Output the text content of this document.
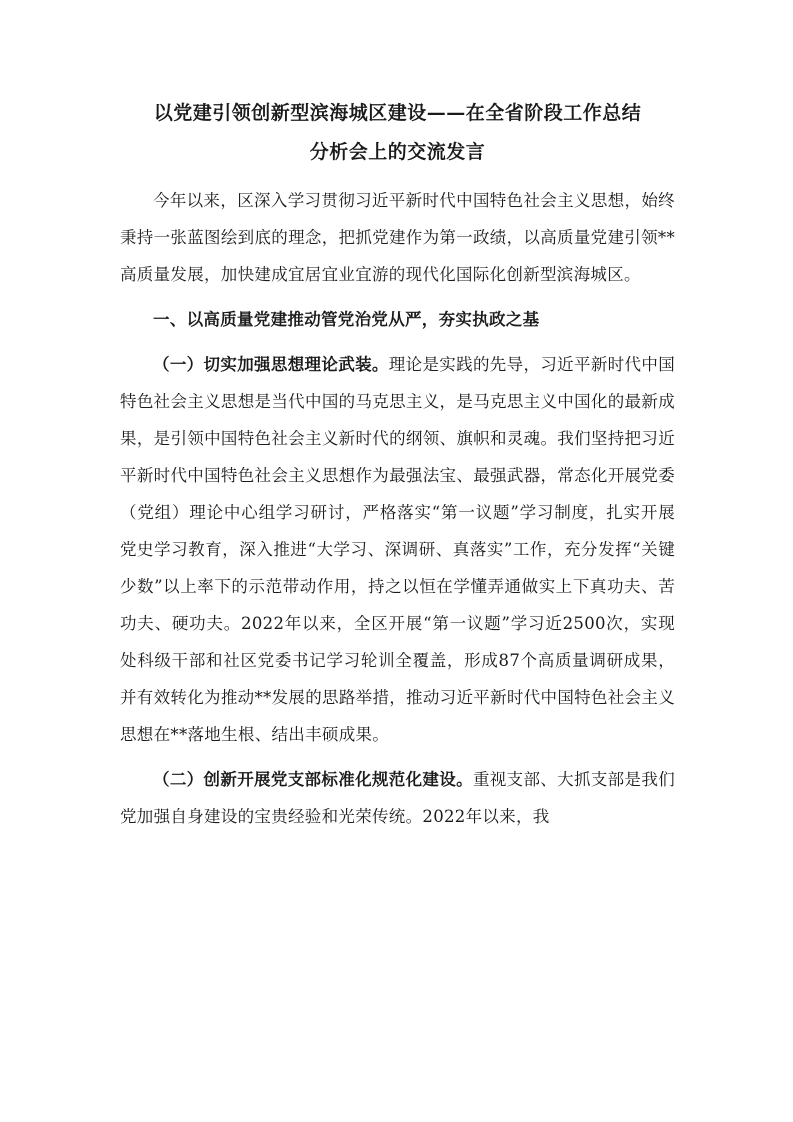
以党建引领创新型滨海城区建设——在全省阶段工作总结
分析会上的交流发言

今年以来，区深入学习贯彻习近平新时代中国特色社会主义思想，始终秉持一张蓝图绘到底的理念，把抓党建作为第一政绩，以高质量党建引领**高质量发展，加快建成宜居宜业宜游的现代化国际化创新型滨海城区。

一、以高质量党建推动管党治党从严，夯实执政之基

（一）切实加强思想理论武装。理论是实践的先导，习近平新时代中国特色社会主义思想是当代中国的马克思主义，是马克思主义中国化的最新成果，是引领中国特色社会主义新时代的纲领、旗帜和灵魂。我们坚持把习近平新时代中国特色社会主义思想作为最强法宝、最强武器，常态化开展党委（党组）理论中心组学习研讨，严格落实“第一议题”学习制度，扎实开展党史学习教育，深入推进“大学习、深调研、真落实”工作，充分发挥“关键少数”以上率下的示范带动作用，持之以恒在学懂弄通做实上下真功夫、苦功夫、硬功夫。2022年以来，全区开展“第一议题”学习近2500次，实现处科级干部和社区党委书记学习轮训全覆盖，形成87个高质量调研成果，并有效转化为推动**发展的思路举措，推动习近平新时代中国特色社会主义思想在**落地生根、结出丰硕成果。

（二）创新开展党支部标准化规范化建设。重视支部、大抓支部是我们党加强自身建设的宝贵经验和光荣传统。2022年以来，我
